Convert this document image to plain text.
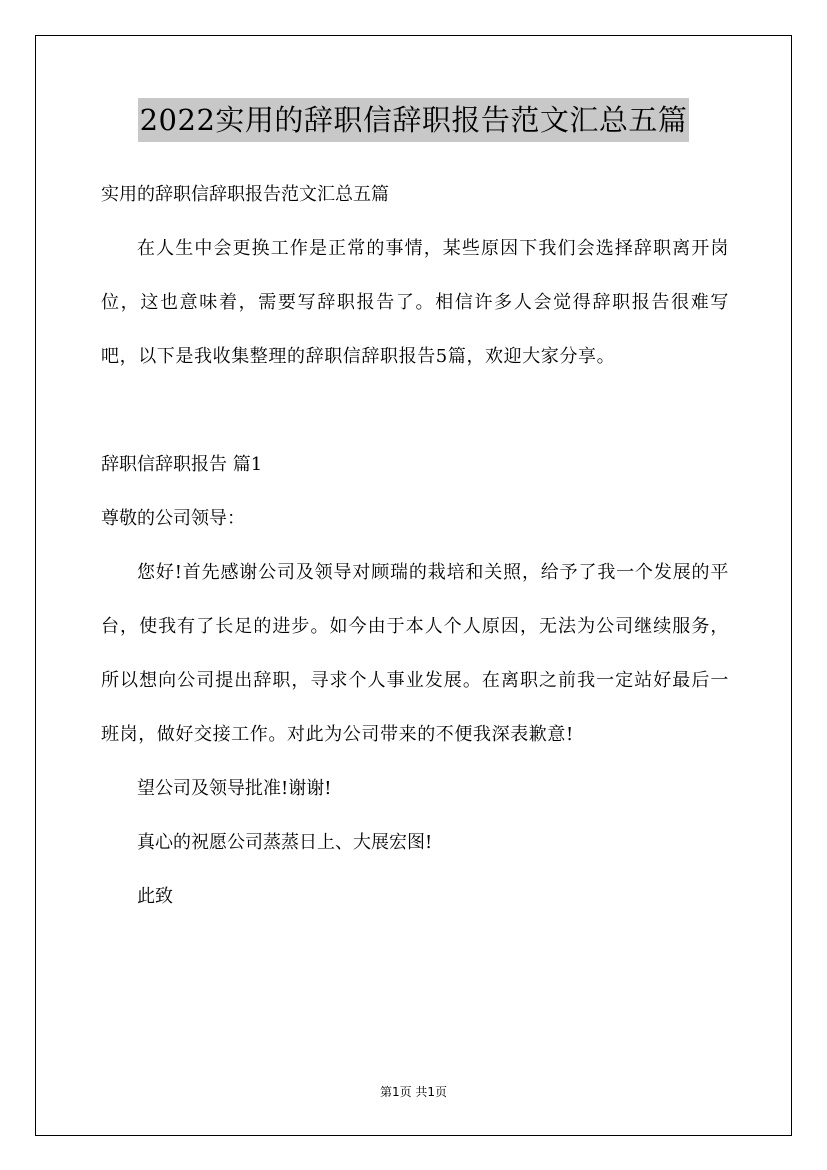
2022实用的辞职信辞职报告范文汇总五篇
实用的辞职信辞职报告范文汇总五篇
在人生中会更换工作是正常的事情，某些原因下我们会选择辞职离开岗位，这也意味着，需要写辞职报告了。相信许多人会觉得辞职报告很难写吧，以下是我收集整理的辞职信辞职报告5篇，欢迎大家分享。
辞职信辞职报告 篇1
尊敬的公司领导：
您好!首先感谢公司及领导对顾瑞的栽培和关照，给予了我一个发展的平台，使我有了长足的进步。如今由于本人个人原因，无法为公司继续服务，所以想向公司提出辞职，寻求个人事业发展。在离职之前我一定站好最后一班岗，做好交接工作。对此为公司带来的不便我深表歉意!
望公司及领导批准!谢谢!
真心的祝愿公司蒸蒸日上、大展宏图!
此致
第1页 共1页
